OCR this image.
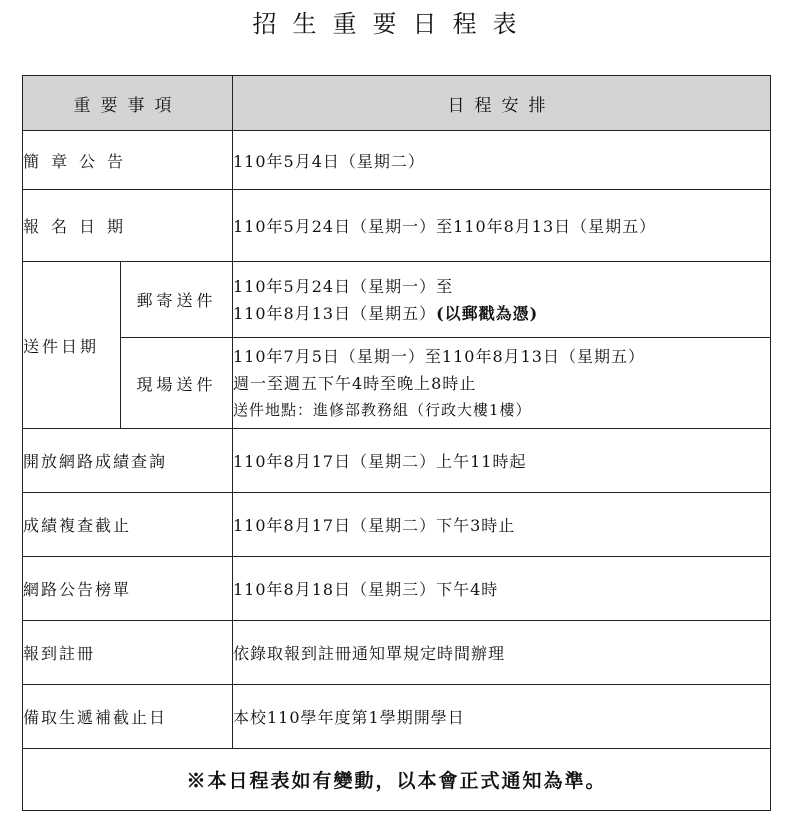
招生重要日程表
重要事項		日程安排
簡章公告		110年5月4日（星期二）
報名日期		110年5月24日（星期一）至110年8月13日（星期五）
送件日期	郵寄送件	110年5月24日（星期一）至
110年8月13日（星期五）(以郵戳為憑)

	現場送件	110年7月5日（星期一）至110年8月13日（星期五）
週一至週五下午4時至晚上8時止
送件地點：進修部教務組（行政大樓1樓）

開放網路成績查詢		110年8月17日（星期二）上午11時起
成績複查截止		110年8月17日（星期二）下午3時止
網路公告榜單		110年8月18日（星期三）下午4時
報到註冊		依錄取報到註冊通知單規定時間辦理
備取生遞補截止日		本校110學年度第1學期開學日
※本日程表如有變動，以本會正式通知為準。		
